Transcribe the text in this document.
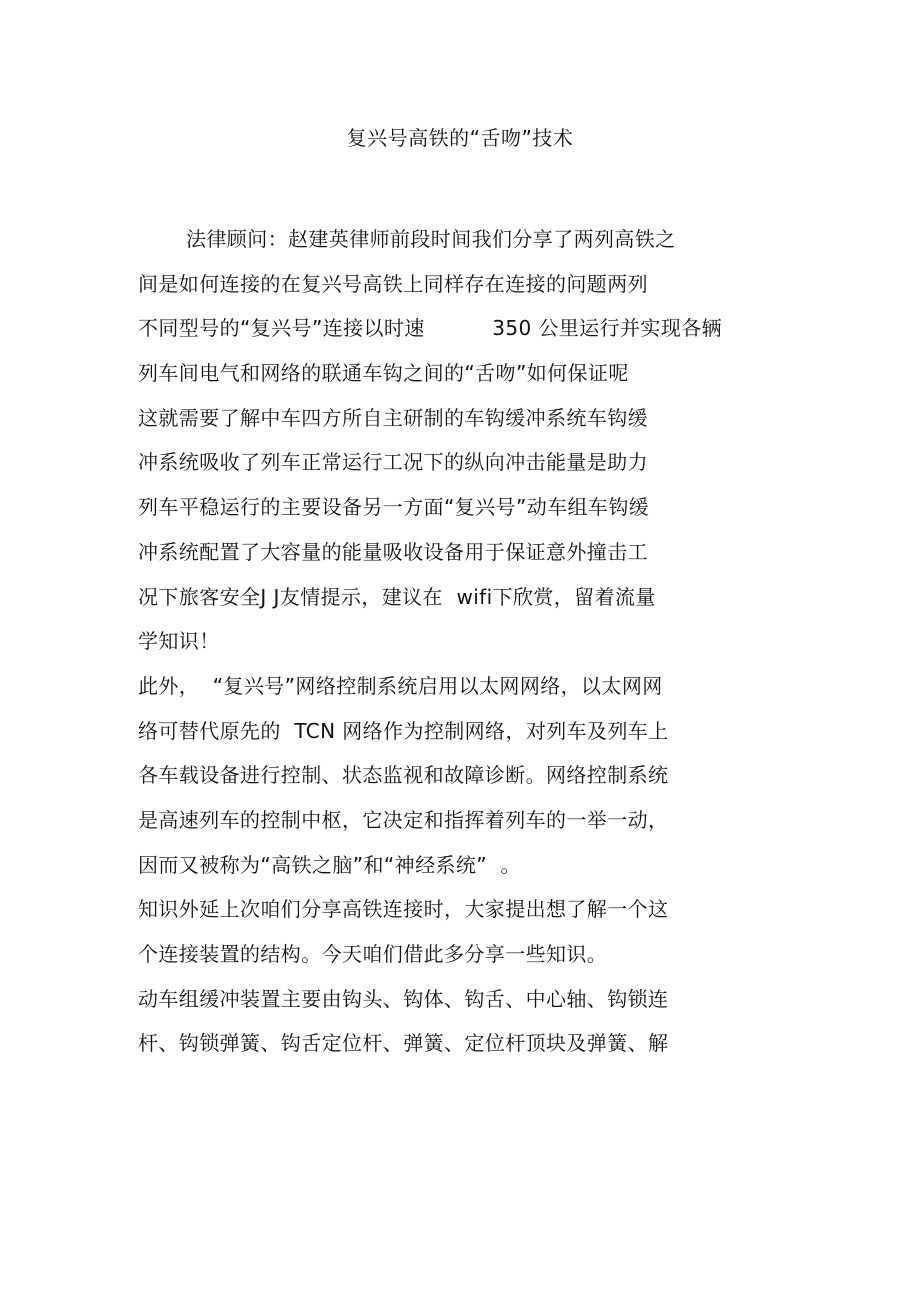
复兴号高铁的“舌吻”技术
法律顾问：赵建英律师前段时间我们分享了两列高铁之
间是如何连接的在复兴号高铁上同样存在连接的问题两列
不同型号的“复兴号”连接以时速          350 公里运行并实现各辆
列车间电气和网络的联通车钩之间的“舌吻”如何保证呢
这就需要了解中车四方所自主研制的车钩缓冲系统车钩缓
冲系统吸收了列车正常运行工况下的纵向冲击能量是助力
列车平稳运行的主要设备另一方面“复兴号”动车组车钩缓
冲系统配置了大容量的能量吸收设备用于保证意外撞击工
况下旅客安全J J友情提示，建议在  wifi下欣赏，留着流量
学知识！
此外，  “复兴号”网络控制系统启用以太网网络，以太网网
络可替代原先的  TCN 网络作为控制网络，对列车及列车上
各车载设备进行控制、状态监视和故障诊断。网络控制系统
是高速列车的控制中枢，它决定和指挥着列车的一举一动，
因而又被称为“高铁之脑”和“神经系统”  。
知识外延上次咱们分享高铁连接时，大家提出想了解一个这
个连接装置的结构。今天咱们借此多分享一些知识。
动车组缓冲装置主要由钩头、钩体、钩舌、中心轴、钩锁连
杆、钩锁弹簧、钩舌定位杆、弹簧、定位杆顶块及弹簧、解
